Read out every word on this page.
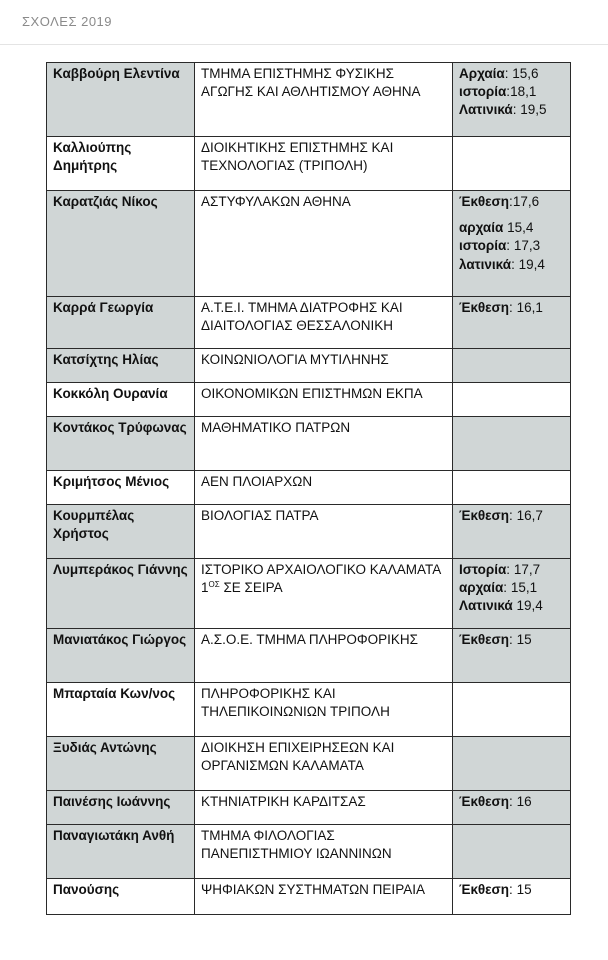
ΣΧΟΛΕΣ 2019
Καββούρη Ελεντίνα	ΤΜΗΜΑ ΕΠΙΣΤΗΜΗΣ ΦΥΣΙΚΗΣ ΑΓΩΓΗΣ ΚΑΙ ΑΘΛΗΤΙΣΜΟΥ ΑΘΗΝΑ	Αρχαία: 15,6
ιστορία:18,1
Λατινικά: 19,5

Καλλιούπης Δημήτρης	ΔΙΟΙΚΗΤΙΚΗΣ ΕΠΙΣΤΗΜΗΣ ΚΑΙ ΤΕΧΝΟΛΟΓΙΑΣ (ΤΡΙΠΟΛΗ)	
Καρατζιάς Νίκος	ΑΣΤΥΦΥΛΑΚΩΝ ΑΘΗΝΑ	Έκθεση:17,6
αρχαία 15,4
ιστορία: 17,3
λατινικά: 19,4

Καρρά Γεωργία	Α.Τ.Ε.Ι. ΤΜΗΜΑ ΔΙΑΤΡΟΦΗΣ ΚΑΙ ΔΙΑΙΤΟΛΟΓΙΑΣ ΘΕΣΣΑΛΟΝΙΚΗ	Έκθεση: 16,1

Κατσίχτης Ηλίας	ΚΟΙΝΩΝΙΟΛΟΓΙΑ ΜΥΤΙΛΗΝΗΣ	
Κοκκόλη Ουρανία	ΟΙΚΟΝΟΜΙΚΩΝ ΕΠΙΣΤΗΜΩΝ ΕΚΠΑ	
Κοντάκος Τρύφωνας	ΜΑΘΗΜΑΤΙΚΟ ΠΑΤΡΩΝ	
Κριμήτσος Μένιος	ΑΕΝ ΠΛΟΙΑΡΧΩΝ	
Κουρμπέλας Χρήστος	ΒΙΟΛΟΓΙΑΣ ΠΑΤΡΑ	Έκθεση: 16,7

Λυμπεράκος Γιάννης	ΙΣΤΟΡΙΚΟ ΑΡΧΑΙΟΛΟΓΙΚΟ ΚΑΛΑΜΑΤΑ $1^{O\Sigma}$ ΣΕ ΣΕΙΡΑ	Ιστορία: 17,7
αρχαία: 15,1
Λατινικά 19,4

Μανιατάκος Γιώργος	Α.Σ.Ο.Ε. ΤΜΗΜΑ ΠΛΗΡΟΦΟΡΙΚΗΣ	Έκθεση: 15

Μπαρταία Κων/νος	ΠΛΗΡΟΦΟΡΙΚΗΣ ΚΑΙ ΤΗΛΕΠΙΚΟΙΝΩΝΙΩΝ ΤΡΙΠΟΛΗ	
Ξυδιάς Αντώνης	ΔΙΟΙΚΗΣΗ ΕΠΙΧΕΙΡΗΣΕΩΝ ΚΑΙ ΟΡΓΑΝΙΣΜΩΝ ΚΑΛΑΜΑΤΑ	
Παινέσης Ιωάννης	ΚΤΗΝΙΑΤΡΙΚΗ ΚΑΡΔΙΤΣΑΣ	Έκθεση: 16

Παναγιωτάκη Ανθή	ΤΜΗΜΑ ΦΙΛΟΛΟΓΙΑΣ ΠΑΝΕΠΙΣΤΗΜΙΟΥ ΙΩΑΝΝΙΝΩΝ	
Πανούσης	ΨΗΦΙΑΚΩΝ ΣΥΣΤΗΜΑΤΩΝ ΠΕΙΡΑΙΑ	Έκθεση: 15
